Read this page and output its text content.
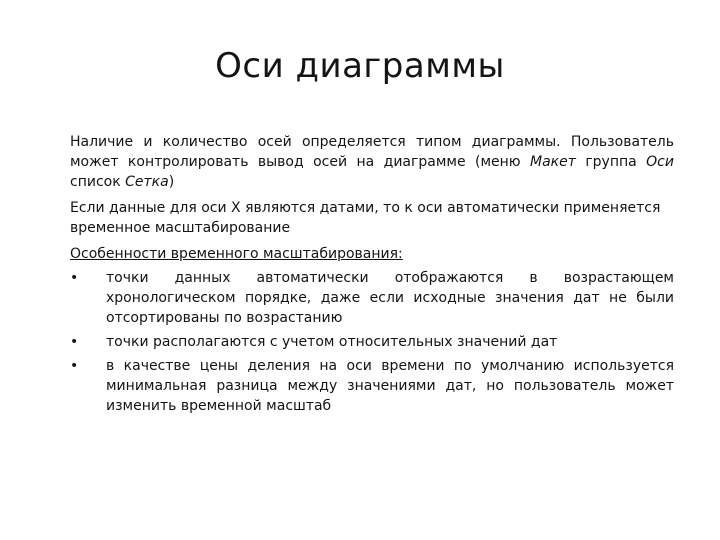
Оси диаграммы

Наличие и количество осей определяется типом диаграммы. Пользователь может контролировать вывод осей на диаграмме (меню Макет группа Оси список Сетка)

Если данные для оси X являются датами, то к оси автоматически применяется временное масштабирование

Особенности временного масштабирования:

•	точки данных автоматически отображаются в возрастающем хронологическом порядке, даже если исходные значения дат не были отсортированы по возрастанию
•	точки располагаются с учетом относительных значений дат
•	в качестве цены деления на оси времени по умолчанию используется минимальная разница между значениями дат, но пользователь может изменить временной масштаб
